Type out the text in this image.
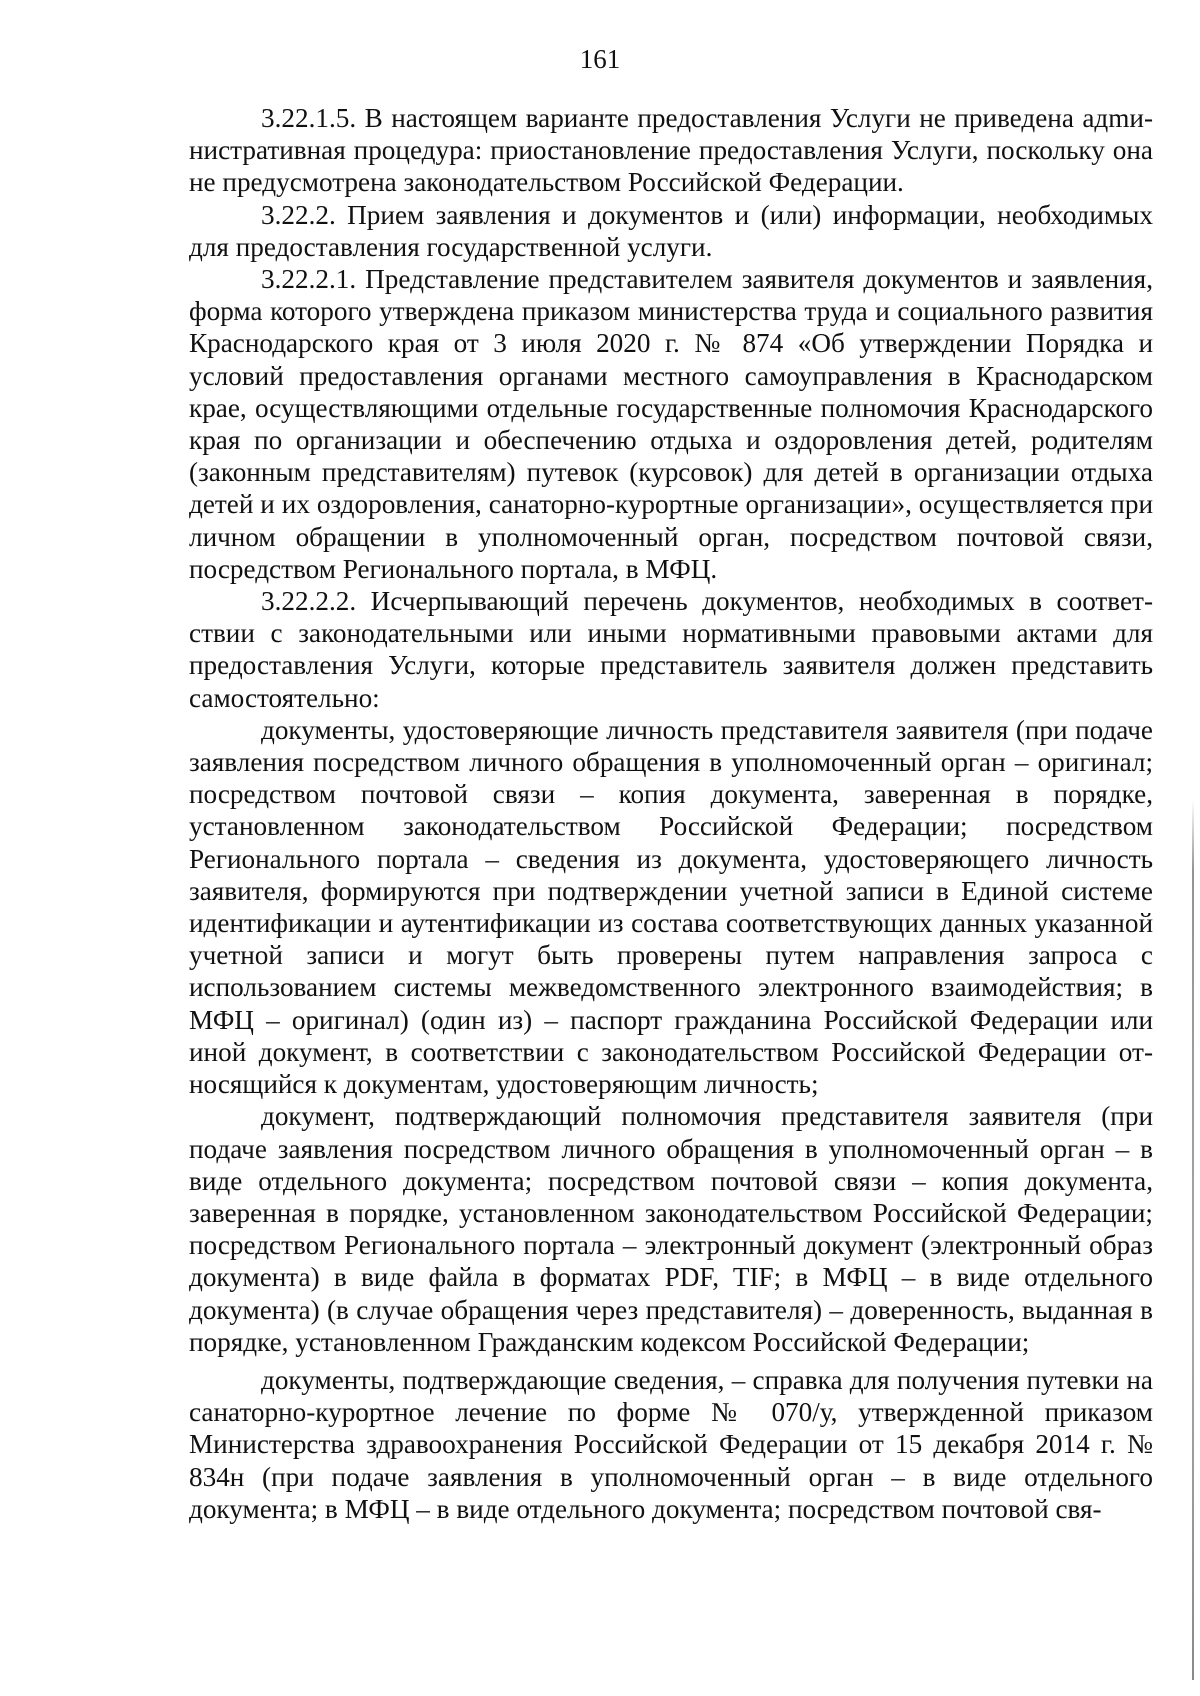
161

3.22.1.5. В настоящем варианте предоставления Услуги не приведена адmинистративная процедура: приостановление предоставления Услуги, поскольку она не предусмотрена законодательством Российской Федерации.

3.22.2. Прием заявления и документов и (или) информации, необходимых для предоставления государственной услуги.

3.22.2.1. Представление представителем заявителя документов и заявления, форма которого утверждена приказом министерства труда и социального развития Краснодарского края от 3 июля 2020 г. № 874 «Об утверждении Порядка и условий предоставления органами местного самоуправления в Краснодарском крае, осуществляющими отдельные государственные полномочия Краснодарского края по организации и обеспечению отдыха и оздоровления детей, родителям (законным представителям) путевок (курсовок) для детей в организации отдыха детей и их оздоровления, санаторно-курортные организации», осуществляется при личном обращении в уполномоченный орган, посредством почтовой связи, посредством Регионального портала, в МФЦ.

3.22.2.2. Исчерпывающий перечень документов, необходимых в соответствии с законодательными или иными нормативными правовыми актами для предоставления Услуги, которые представитель заявителя должен представить самостоятельно:

документы, удостоверяющие личность представителя заявителя (при подаче заявления посредством личного обращения в уполномоченный орган – оригинал; посредством почтовой связи – копия документа, заверенная в порядке, установленном законодательством Российской Федерации; посредством Регионального портала – сведения из документа, удостоверяющего личность заявителя, формируются при подтверждении учетной записи в Единой системе идентификации и аутентификации из состава соответствующих данных указанной учетной записи и могут быть проверены путем направления запроса с использованием системы межведомственного электронного взаимодействия; в МФЦ – оригинал) (один из) – паспорт гражданина Российской Федерации или иной документ, в соответствии с законодательством Российской Федерации относящийся к документам, удостоверяющим личность;

документ, подтверждающий полномочия представителя заявителя (при подаче заявления посредством личного обращения в уполномоченный орган – в виде отдельного документа; посредством почтовой связи – копия документа, заверенная в порядке, установленном законодательством Российской Федерации; посредством Регионального портала – электронный документ (электронный образ документа) в виде файла в форматах PDF, TIF; в МФЦ – в виде отдельного документа) (в случае обращения через представителя) – доверенность, выданная в порядке, установленном Гражданским кодексом Российской Федерации;

документы, подтверждающие сведения, – справка для получения путевки на санаторно-курортное лечение по форме № 070/у, утвержденной приказом Министерства здравоохранения Российской Федерации от 15 декабря 2014 г. № 834н (при подаче заявления в уполномоченный орган – в виде отдельного документа; в МФЦ – в виде отдельного документа; посредством почтовой свя-
